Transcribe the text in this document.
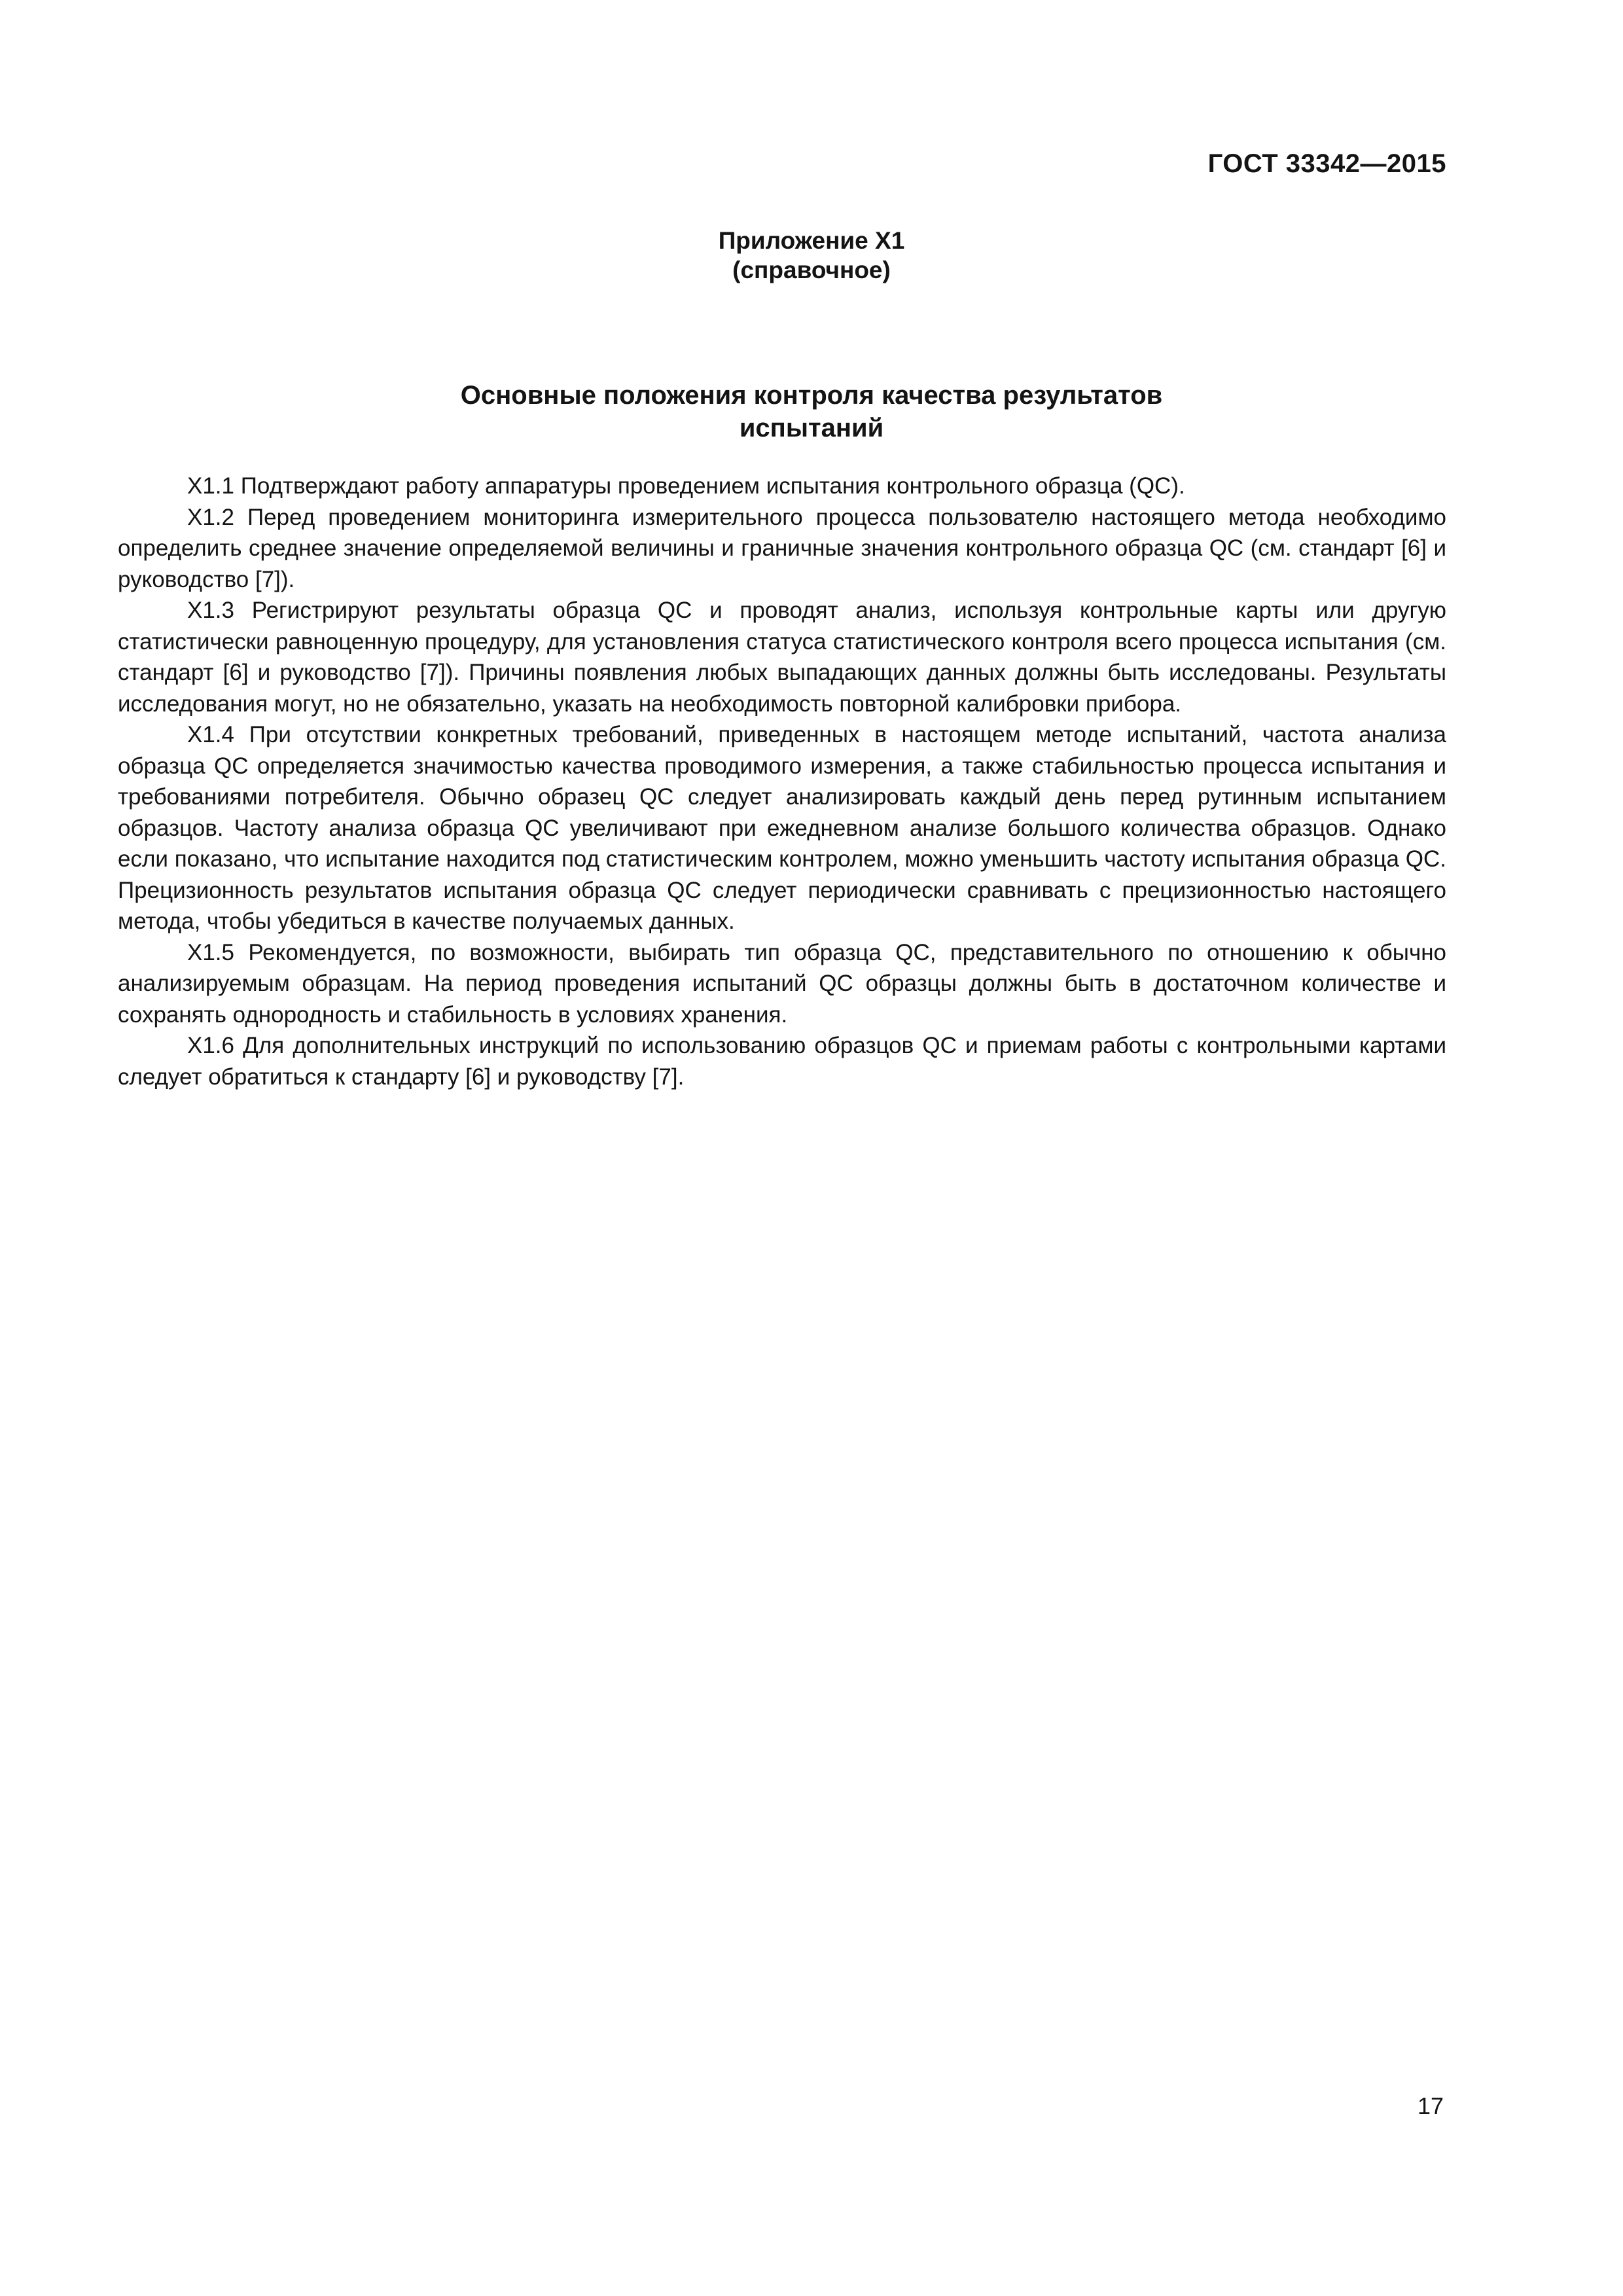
ГОСТ 33342—2015

Приложение Х1
(справочное)
Основные положения контроля качества результатов
испытаний

Х1.1 Подтверждают работу аппаратуры проведением испытания контрольного образца (QC).

Х1.2 Перед проведением мониторинга измерительного процесса пользователю настоящего метода необходимо определить среднее значение определяемой величины и граничные значения контрольного образца QC (см. стандарт [6] и руководство [7]).

Х1.3 Регистрируют результаты образца QC и проводят анализ, используя контрольные карты или другую статистически равноценную процедуру, для установления статуса статистического контроля всего процесса испытания (см. стандарт [6] и руководство [7]). Причины появления любых выпадающих данных должны быть исследованы. Результаты исследования могут, но не обязательно, указать на необходимость повторной калибровки прибора.

Х1.4 При отсутствии конкретных требований, приведенных в настоящем методе испытаний, частота анализа образца QC определяется значимостью качества проводимого измерения, а также стабильностью процесса испытания и требованиями потребителя. Обычно образец QC следует анализировать каждый день перед рутинным испытанием образцов. Частоту анализа образца QC увеличивают при ежедневном анализе большого количества образцов. Однако если показано, что испытание находится под статистическим контролем, можно уменьшить частоту испытания образца QC. Прецизионность результатов испытания образца QC следует периодически сравнивать с прецизионностью настоящего метода, чтобы убедиться в качестве получаемых данных.

Х1.5 Рекомендуется, по возможности, выбирать тип образца QC, представительного по отношению к обычно анализируемым образцам. На период проведения испытаний QC образцы должны быть в достаточном количестве и сохранять однородность и стабильность в условиях хранения.

Х1.6 Для дополнительных инструкций по использованию образцов QC и приемам работы с контрольными картами следует обратиться к стандарту [6] и руководству [7].

17
